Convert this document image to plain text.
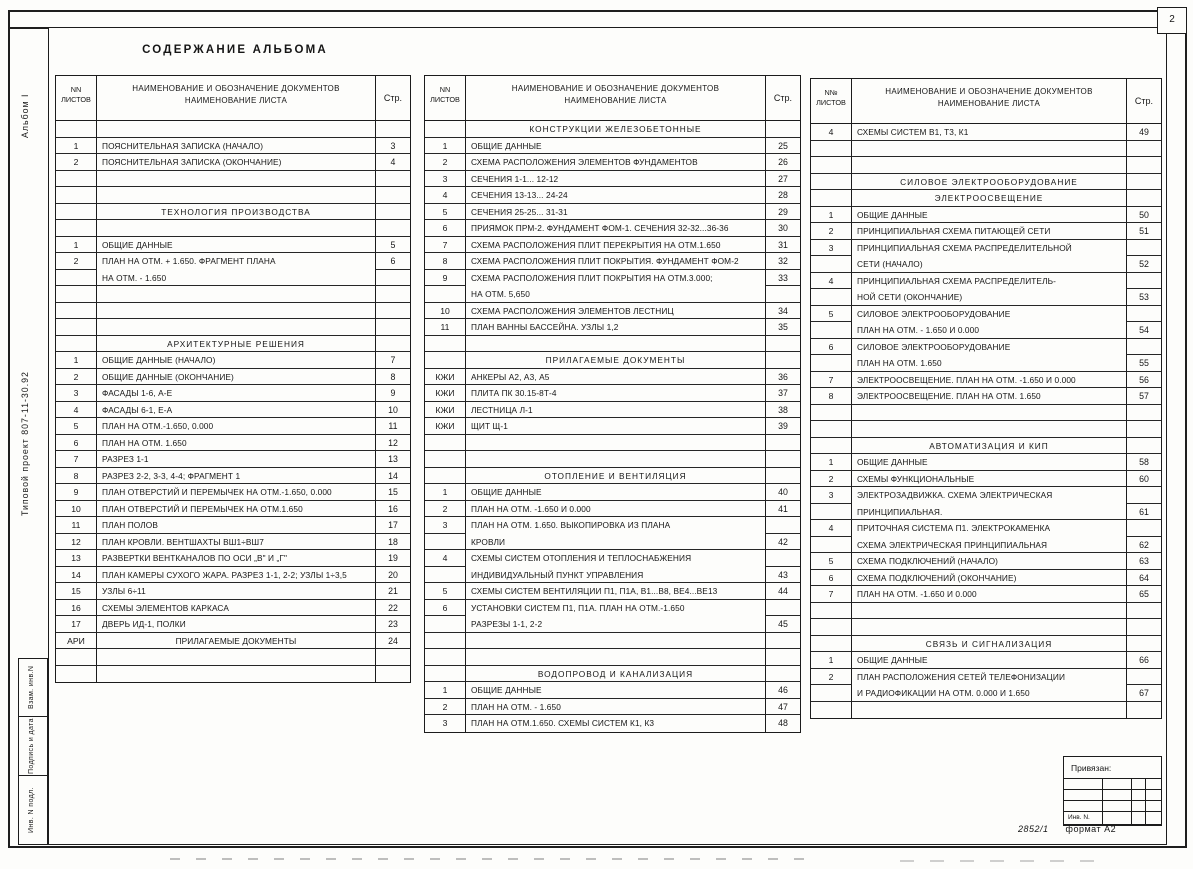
2
Альбом I
Типовой проект 807-11-30.92
Взам. инв.N
Подпись и дата
Инв. N подл.
СОДЕРЖАНИЕ АЛЬБОМА
NN ЛИСТОВ
НАИМЕНОВАНИЕ И ОБОЗНАЧЕНИЕ ДОКУМЕНТОВ
НАИМЕНОВАНИЕ ЛИСТА	Стр.
1	ПОЯСНИТЕЛЬНАЯ ЗАПИСКА (НАЧАЛО)	3
2	ПОЯСНИТЕЛЬНАЯ ЗАПИСКА (ОКОНЧАНИЕ)	4
ТЕХНОЛОГИЯ ПРОИЗВОДСТВА
1	ОБЩИЕ ДАННЫЕ	5
2	ПЛАН НА ОТМ. + 1.650. ФРАГМЕНТ ПЛАНА	6
НА ОТМ. - 1.650
АРХИТЕКТУРНЫЕ РЕШЕНИЯ
1	ОБЩИЕ ДАННЫЕ (НАЧАЛО)	7
2	ОБЩИЕ ДАННЫЕ (ОКОНЧАНИЕ)	8
3	ФАСАДЫ 1-6, А-Е	9
4	ФАСАДЫ 6-1, Е-А	10
5	ПЛАН НА ОТМ.-1.650, 0.000	11
6	ПЛАН НА ОТМ. 1.650	12
7	РАЗРЕЗ 1-1	13
8	РАЗРЕЗ 2-2, 3-3, 4-4; ФРАГМЕНТ 1	14
9	ПЛАН ОТВЕРСТИЙ И ПЕРЕМЫЧЕК НА ОТМ.-1.650, 0.000	15
10	ПЛАН ОТВЕРСТИЙ И ПЕРЕМЫЧЕК НА ОТМ.1.650	16
11	ПЛАН ПОЛОВ	17
12	ПЛАН КРОВЛИ. ВЕНТШАХТЫ ВШ1÷ВШ7	18
13	РАЗВЕРТКИ ВЕНТКАНАЛОВ ПО ОСИ „В" И „Г"	19
14	ПЛАН КАМЕРЫ СУХОГО ЖАРА. РАЗРЕЗ 1-1, 2-2; УЗЛЫ 1÷3,5	20
15	УЗЛЫ 6÷11	21
16	СХЕМЫ ЭЛЕМЕНТОВ КАРКАСА	22
17	ДВЕРЬ ИД-1, ПОЛКИ	23
АРИ	ПРИЛАГАЕМЫЕ ДОКУМЕНТЫ	24
NN ЛИСТОВ
НАИМЕНОВАНИЕ И ОБОЗНАЧЕНИЕ ДОКУМЕНТОВ
НАИМЕНОВАНИЕ ЛИСТА	Стр.
КОНСТРУКЦИИ ЖЕЛЕЗОБЕТОННЫЕ
1	ОБЩИЕ ДАННЫЕ	25
2	СХЕМА РАСПОЛОЖЕНИЯ ЭЛЕМЕНТОВ ФУНДАМЕНТОВ	26
3	СЕЧЕНИЯ 1-1... 12-12	27
4	СЕЧЕНИЯ 13-13... 24-24	28
5	СЕЧЕНИЯ 25-25... 31-31	29
6	ПРИЯМОК ПРМ-2. ФУНДАМЕНТ ФОМ-1. СЕЧЕНИЯ 32-32...36-36	30
7	СХЕМА РАСПОЛОЖЕНИЯ ПЛИТ ПЕРЕКРЫТИЯ НА ОТМ.1.650	31
8	СХЕМА РАСПОЛОЖЕНИЯ ПЛИТ ПОКРЫТИЯ. ФУНДАМЕНТ ФОМ-2	32
9	СХЕМА РАСПОЛОЖЕНИЯ ПЛИТ ПОКРЫТИЯ НА ОТМ.3.000;	33
НА ОТМ. 5,650
10	СХЕМА РАСПОЛОЖЕНИЯ ЭЛЕМЕНТОВ ЛЕСТНИЦ	34
11	ПЛАН ВАННЫ БАССЕЙНА. УЗЛЫ 1,2	35
ПРИЛАГАЕМЫЕ ДОКУМЕНТЫ
КЖИ	АНКЕРЫ А2, А3, А5	36
КЖИ	ПЛИТА ПК 30.15-8Т-4	37
КЖИ	ЛЕСТНИЦА Л-1	38
КЖИ	ЩИТ Щ-1	39
ОТОПЛЕНИЕ И ВЕНТИЛЯЦИЯ
1	ОБЩИЕ ДАННЫЕ	40
2	ПЛАН НА ОТМ. -1.650 И 0.000	41
3	ПЛАН НА ОТМ. 1.650. ВЫКОПИРОВКА ИЗ ПЛАНА
КРОВЛИ	42
4	СХЕМЫ СИСТЕМ ОТОПЛЕНИЯ И ТЕПЛОСНАБЖЕНИЯ
ИНДИВИДУАЛЬНЫЙ ПУНКТ УПРАВЛЕНИЯ	43
5	СХЕМЫ СИСТЕМ ВЕНТИЛЯЦИИ П1, П1А, В1...В8, ВЕ4...ВЕ13	44
6	УСТАНОВКИ СИСТЕМ П1, П1А. ПЛАН НА ОТМ.-1.650
РАЗРЕЗЫ 1-1, 2-2	45
ВОДОПРОВОД И КАНАЛИЗАЦИЯ
1	ОБЩИЕ ДАННЫЕ	46
2	ПЛАН НА ОТМ. - 1.650	47
3	ПЛАН НА ОТМ.1.650. СХЕМЫ СИСТЕМ К1, К3	48
N№ ЛИСТОВ
НАИМЕНОВАНИЕ И ОБОЗНАЧЕНИЕ ДОКУМЕНТОВ
НАИМЕНОВАНИЕ ЛИСТА	Стр.
4	СХЕМЫ СИСТЕМ В1, Т3, К1	49
СИЛОВОЕ ЭЛЕКТРООБОРУДОВАНИЕ
ЭЛЕКТРООСВЕЩЕНИЕ
1	ОБЩИЕ ДАННЫЕ	50
2	ПРИНЦИПИАЛЬНАЯ СХЕМА ПИТАЮЩЕЙ СЕТИ	51
3	ПРИНЦИПИАЛЬНАЯ СХЕМА РАСПРЕДЕЛИТЕЛЬНОЙ
СЕТИ (НАЧАЛО)	52
4	ПРИНЦИПИАЛЬНАЯ СХЕМА РАСПРЕДЕЛИТЕЛЬ-
НОЙ СЕТИ (ОКОНЧАНИЕ)	53
5	СИЛОВОЕ ЭЛЕКТРООБОРУДОВАНИЕ
ПЛАН НА ОТМ. - 1.650 И 0.000	54
6	СИЛОВОЕ ЭЛЕКТРООБОРУДОВАНИЕ
ПЛАН НА ОТМ. 1.650	55
7	ЭЛЕКТРООСВЕЩЕНИЕ. ПЛАН НА ОТМ. -1.650 И 0.000	56
8	ЭЛЕКТРООСВЕЩЕНИЕ. ПЛАН НА ОТМ. 1.650	57
АВТОМАТИЗАЦИЯ И КИП
1	ОБЩИЕ ДАННЫЕ	58
2	СХЕМЫ ФУНКЦИОНАЛЬНЫЕ	60
3	ЭЛЕКТРОЗАДВИЖКА. СХЕМА ЭЛЕКТРИЧЕСКАЯ
ПРИНЦИПИАЛЬНАЯ.	61
4	ПРИТОЧНАЯ СИСТЕМА П1. ЭЛЕКТРОКАМЕНКА
СХЕМА ЭЛЕКТРИЧЕСКАЯ ПРИНЦИПИАЛЬНАЯ	62
5	СХЕМА ПОДКЛЮЧЕНИЙ (НАЧАЛО)	63
6	СХЕМА ПОДКЛЮЧЕНИЙ (ОКОНЧАНИЕ)	64
7	ПЛАН НА ОТМ. -1.650 И 0.000	65
СВЯЗЬ И СИГНАЛИЗАЦИЯ
1	ОБЩИЕ ДАННЫЕ	66
2	ПЛАН РАСПОЛОЖЕНИЯ СЕТЕЙ ТЕЛЕФОНИЗАЦИИ
И РАДИОФИКАЦИИ НА ОТМ. 0.000 И 1.650	67
Привязан:
Инв. N.
2852/1 формат А2
